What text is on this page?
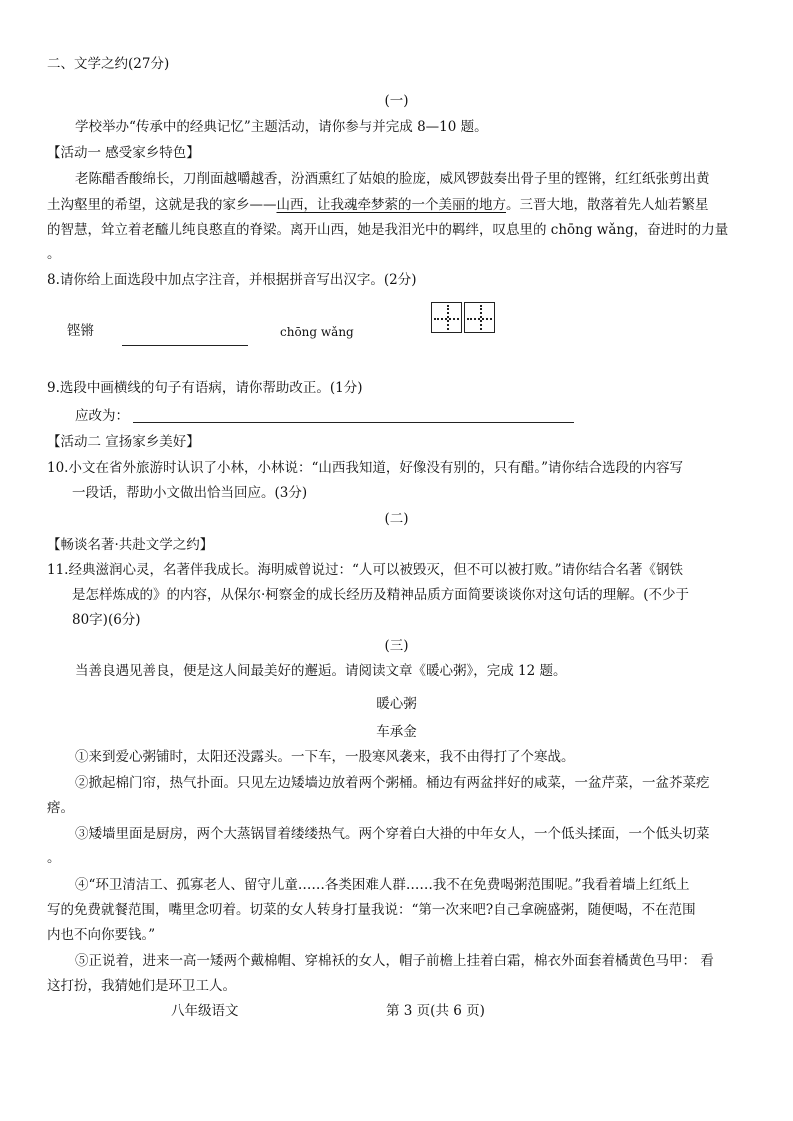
二、文学之约(27分)
(一)
学校举办“传承中的经典记忆”主题活动，请你参与并完成 8—10 题。
【活动一 感受家乡特色】
老陈醋香酸绵长，刀削面越嚼越香，汾酒熏红了姑娘的脸庞，威风锣鼓奏出骨子里的铿锵，红红纸张剪出黄
土沟壑里的希望，这就是我的家乡——山西，让我魂牵梦萦的一个美丽的地方。三晋大地，散落着先人灿若繁星
的智慧，耸立着老醯儿纯良憨直的脊梁。离开山西，她是我泪光中的羁绊，叹息里的 chōng wǎng，奋进时的力量
。
8.请你给上面选段中加点字注音，并根据拼音写出汉字。(2分)
铿锵	chōng wǎng
9.选段中画横线的句子有语病，请你帮助改正。(1分)
应改为：
【活动二 宣扬家乡美好】
10.小文在省外旅游时认识了小林，小林说：“山西我知道，好像没有别的，只有醋。”请你结合选段的内容写
一段话，帮助小文做出恰当回应。(3分)
(二)
【畅谈名著·共赴文学之约】
11.经典滋润心灵，名著伴我成长。海明威曾说过：“人可以被毁灭，但不可以被打败。”请你结合名著《钢铁
是怎样炼成的》的内容，从保尔·柯察金的成长经历及精神品质方面简要谈谈你对这句话的理解。(不少于
80字)(6分)
(三)
当善良遇见善良，便是这人间最美好的邂逅。请阅读文章《暖心粥》，完成 12 题。
暖心粥
车承金
①来到爱心粥铺时，太阳还没露头。一下车，一股寒风袭来，我不由得打了个寒战。
②掀起棉门帘，热气扑面。只见左边矮墙边放着两个粥桶。桶边有两盆拌好的咸菜，一盆芹菜，一盆芥菜疙
瘩。
③矮墙里面是厨房，两个大蒸锅冒着缕缕热气。两个穿着白大褂的中年女人，一个低头揉面，一个低头切菜
。
④“环卫清洁工、孤寡老人、留守儿童……各类困难人群……我不在免费喝粥范围呢。”我看着墙上红纸上
写的免费就餐范围，嘴里念叨着。切菜的女人转身打量我说：“第一次来吧?自己拿碗盛粥，随便喝，不在范围
内也不向你要钱。”
⑤正说着，进来一高一矮两个戴棉帽、穿棉袄的女人，帽子前檐上挂着白霜，棉衣外面套着橘黄色马甲： 看
这打扮，我猜她们是环卫工人。
八年级语文	第 3 页(共 6 页)
